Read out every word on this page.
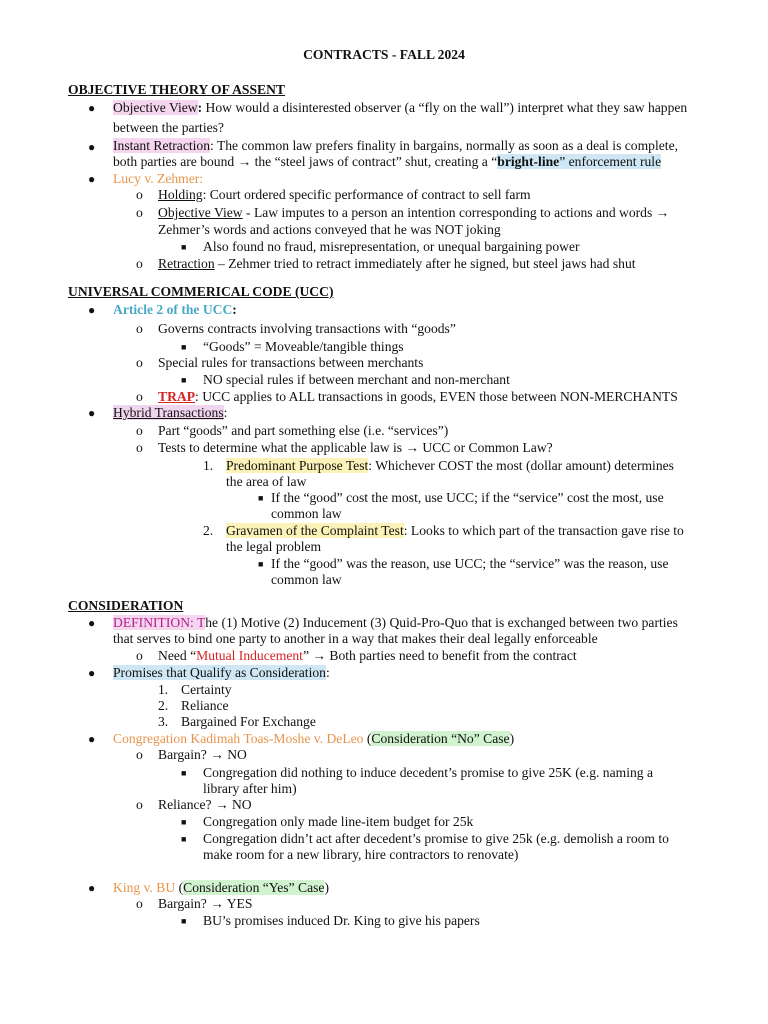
CONTRACTS - FALL 2024
OBJECTIVE THEORY OF ASSENT
● Objective View: How would a disinterested observer (a “fly on the wall”) interpret what they saw happen
between the parties?
● Instant Retraction: The common law prefers finality in bargains, normally as soon as a deal is complete,
both parties are bound → the “steel jaws of contract” shut, creating a “bright-line” enforcement rule
● Lucy v. Zehmer:
o Holding: Court ordered specific performance of contract to sell farm
o Objective View - Law imputes to a person an intention corresponding to actions and words →
Zehmer’s words and actions conveyed that he was NOT joking
■ Also found no fraud, misrepresentation, or unequal bargaining power
o Retraction – Zehmer tried to retract immediately after he signed, but steel jaws had shut
UNIVERSAL COMMERICAL CODE (UCC)
● Article 2 of the UCC:
o Governs contracts involving transactions with “goods”
■ “Goods” = Moveable/tangible things
o Special rules for transactions between merchants
■ NO special rules if between merchant and non-merchant
o TRAP: UCC applies to ALL transactions in goods, EVEN those between NON-MERCHANTS
● Hybrid Transactions:
o Part “goods” and part something else (i.e. “services”)
o Tests to determine what the applicable law is → UCC or Common Law?
1. Predominant Purpose Test: Whichever COST the most (dollar amount) determines
the area of law
■ If the “good” cost the most, use UCC; if the “service” cost the most, use
common law
2. Gravamen of the Complaint Test: Looks to which part of the transaction gave rise to
the legal problem
■ If the “good” was the reason, use UCC; the “service” was the reason, use
common law
CONSIDERATION
● DEFINITION: The (1) Motive (2) Inducement (3) Quid-Pro-Quo that is exchanged between two parties
that serves to bind one party to another in a way that makes their deal legally enforceable
o Need “Mutual Inducement” → Both parties need to benefit from the contract
● Promises that Qualify as Consideration:
1. Certainty
2. Reliance
3. Bargained For Exchange
● Congregation Kadimah Toas-Moshe v. DeLeo (Consideration “No” Case)
o Bargain? → NO
■ Congregation did nothing to induce decedent’s promise to give 25K (e.g. naming a
library after him)
o Reliance? → NO
■ Congregation only made line-item budget for 25k
■ Congregation didn’t act after decedent’s promise to give 25k (e.g. demolish a room to
make room for a new library, hire contractors to renovate)
● King v. BU (Consideration “Yes” Case)
o Bargain? → YES
■ BU’s promises induced Dr. King to give his papers
